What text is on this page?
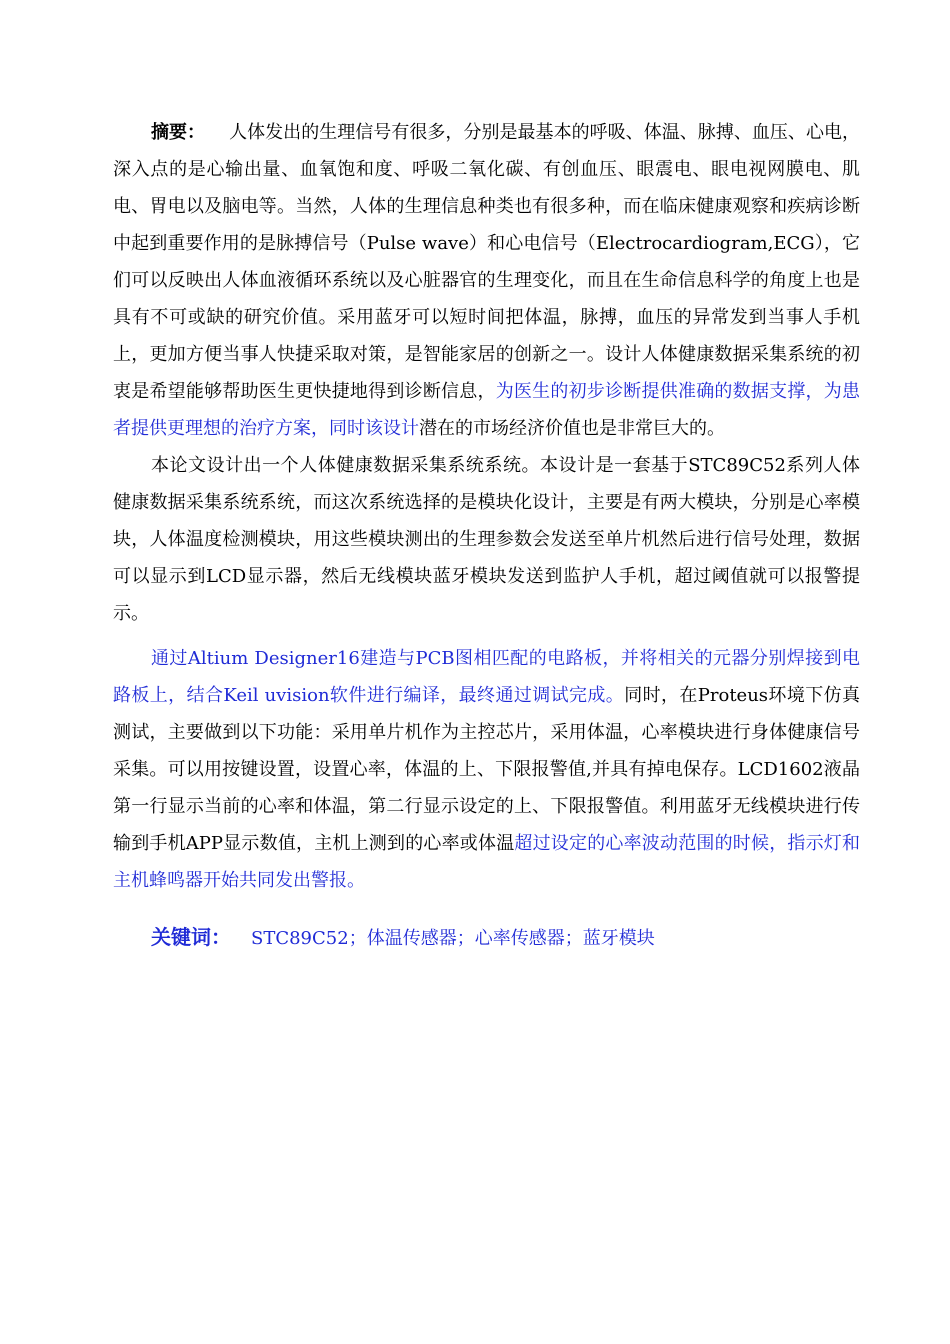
摘要： 人体发出的生理信号有很多，分别是最基本的呼吸、体温、脉搏、血压、心电，深入点的是心输出量、血氧饱和度、呼吸二氧化碳、有创血压、眼震电、眼电视网膜电、肌电、胃电以及脑电等。当然，人体的生理信息种类也有很多种，而在临床健康观察和疾病诊断中起到重要作用的是脉搏信号（Pulse wave）和心电信号（Electrocardiogram,ECG），它们可以反映出人体血液循环系统以及心脏器官的生理变化，而且在生命信息科学的角度上也是具有不可或缺的研究价值。采用蓝牙可以短时间把体温，脉搏，血压的异常发到当事人手机上，更加方便当事人快捷采取对策，是智能家居的创新之一。设计人体健康数据采集系统的初衷是希望能够帮助医生更快捷地得到诊断信息，为医生的初步诊断提供准确的数据支撑，为患者提供更理想的治疗方案，同时该设计潜在的市场经济价值也是非常巨大的。

本论文设计出一个人体健康数据采集系统系统。本设计是一套基于STC89C52系列人体健康数据采集系统系统，而这次系统选择的是模块化设计，主要是有两大模块，分别是心率模块，人体温度检测模块，用这些模块测出的生理参数会发送至单片机然后进行信号处理，数据可以显示到LCD显示器，然后无线模块蓝牙模块发送到监护人手机，超过阈值就可以报警提示。

通过Altium Designer16建造与PCB图相匹配的电路板，并将相关的元器分别焊接到电路板上，结合Keil uvision软件进行编译，最终通过调试完成。同时，在Proteus环境下仿真测试，主要做到以下功能：采用单片机作为主控芯片，采用体温，心率模块进行身体健康信号采集。可以用按键设置，设置心率，体温的上、下限报警值,并具有掉电保存。LCD1602液晶第一行显示当前的心率和体温，第二行显示设定的上、下限报警值。利用蓝牙无线模块进行传输到手机APP显示数值，主机上测到的心率或体温超过设定的心率波动范围的时候，指示灯和主机蜂鸣器开始共同发出警报。

关键词： STC89C52；体温传感器；心率传感器；蓝牙模块
